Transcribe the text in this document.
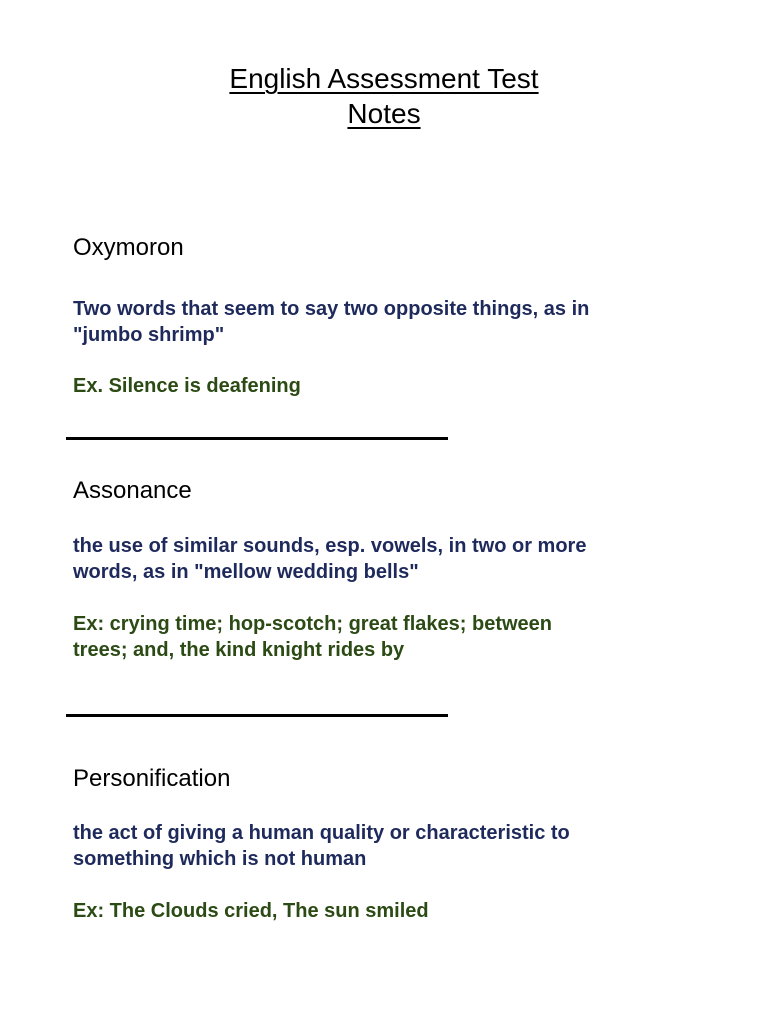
English Assessment Test
Notes
Oxymoron

Two words that seem to say two opposite things, as in
"jumbo shrimp"

Ex. Silence is deafening

Assonance

the use of similar sounds, esp. vowels, in two or more
words, as in "mellow wedding bells"

Ex: crying time; hop-scotch; great flakes; between
trees; and, the kind knight rides by

Personification

the act of giving a human quality or characteristic to
something which is not human

Ex: The Clouds cried, The sun smiled
